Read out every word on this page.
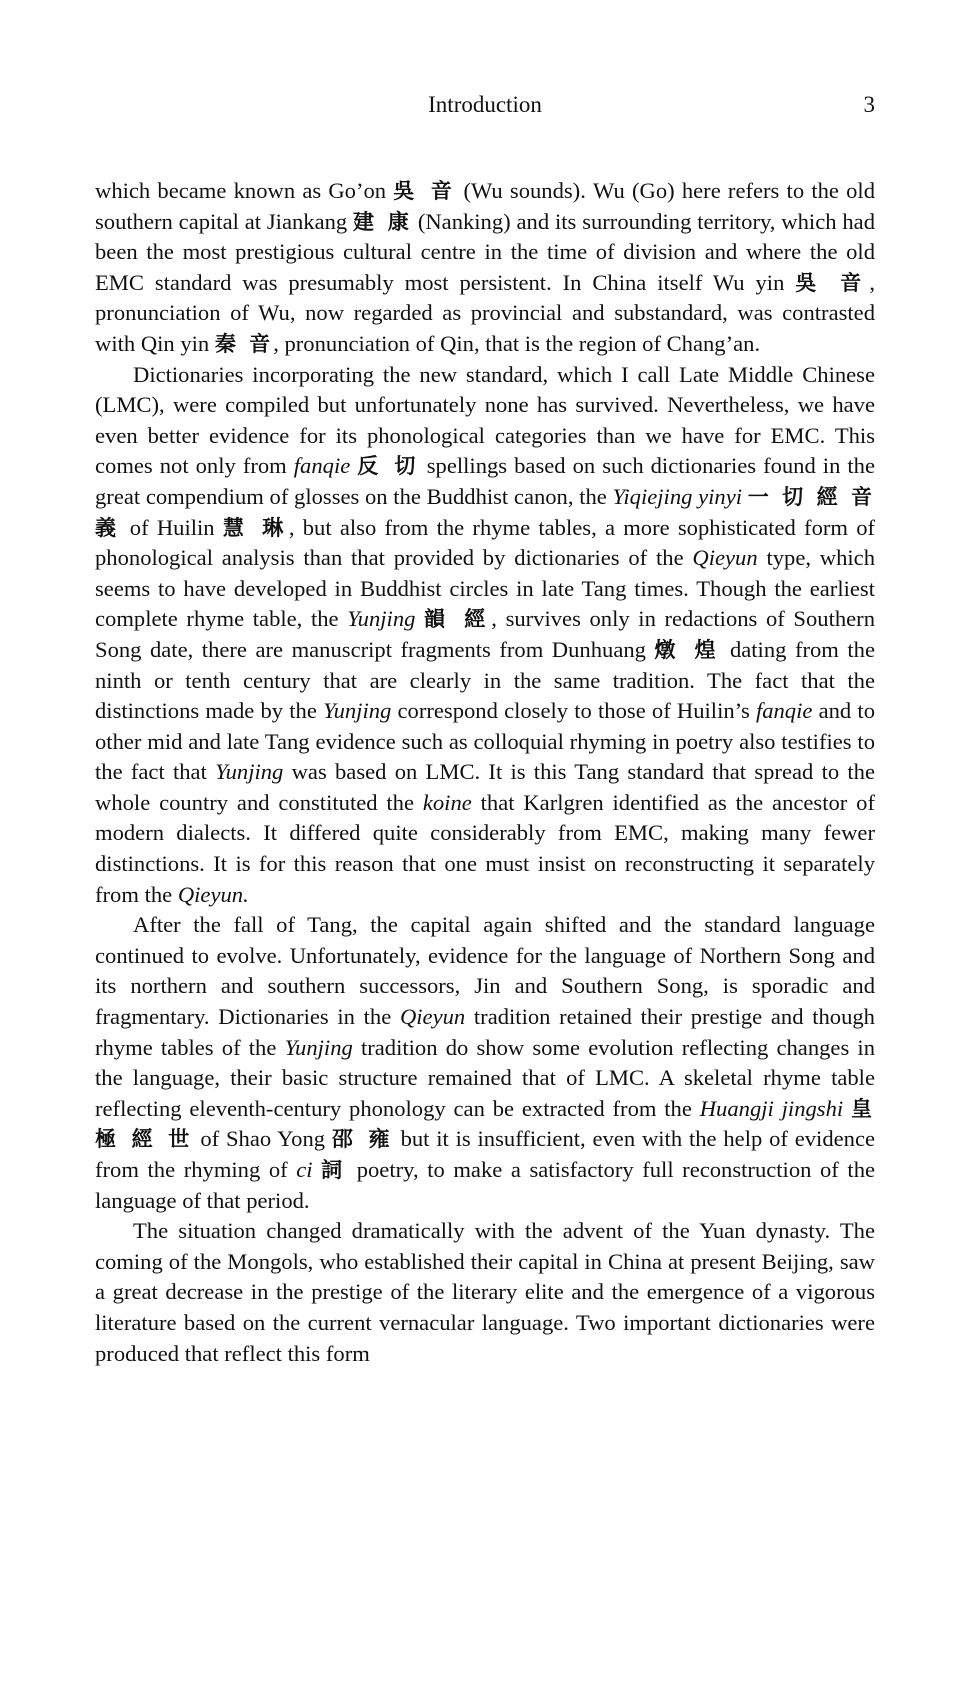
Introduction	3

which became known as Go’on 吳 音 (Wu sounds). Wu (Go) here refers to the old southern capital at Jiankang 建 康 (Nanking) and its surrounding territory, which had been the most prestigious cultural centre in the time of division and where the old EMC standard was presumably most persistent. In China itself Wu yin 吳 音, pronunciation of Wu, now regarded as provincial and substandard, was contrasted with Qin yin 秦 音, pronunciation of Qin, that is the region of Chang’an.

Dictionaries incorporating the new standard, which I call Late Middle Chinese (LMC), were compiled but unfortunately none has survived. Nevertheless, we have even better evidence for its phonological categories than we have for EMC. This comes not only from fanqie 反 切 spellings based on such dictionaries found in the great compendium of glosses on the Buddhist canon, the Yiqiejing yinyi 一 切 經 音 義 of Huilin 慧 琳, but also from the rhyme tables, a more sophisticated form of phonological analysis than that provided by dictionaries of the Qieyun type, which seems to have developed in Buddhist circles in late Tang times. Though the earliest complete rhyme table, the Yunjing 韻 經, survives only in redactions of Southern Song date, there are manuscript fragments from Dunhuang 燉 煌 dating from the ninth or tenth century that are clearly in the same tradition. The fact that the distinctions made by the Yunjing correspond closely to those of Huilin’s fanqie and to other mid and late Tang evidence such as colloquial rhyming in poetry also testifies to the fact that Yunjing was based on LMC. It is this Tang standard that spread to the whole country and constituted the koine that Karlgren identified as the ancestor of modern dialects. It differed quite considerably from EMC, making many fewer distinctions. It is for this reason that one must insist on reconstructing it separately from the Qieyun.

After the fall of Tang, the capital again shifted and the standard language continued to evolve. Unfortunately, evidence for the language of Northern Song and its northern and southern successors, Jin and Southern Song, is sporadic and fragmentary. Dictionaries in the Qieyun tradition retained their prestige and though rhyme tables of the Yunjing tradition do show some evolution reflecting changes in the language, their basic structure remained that of LMC. A skeletal rhyme table reflecting eleventh-century phonology can be extracted from the Huangji jingshi 皇 極 經 世 of Shao Yong 邵 雍 but it is insufficient, even with the help of evidence from the rhyming of ci 詞 poetry, to make a satisfactory full reconstruction of the language of that period.

The situation changed dramatically with the advent of the Yuan dynasty. The coming of the Mongols, who established their capital in China at present Beijing, saw a great decrease in the prestige of the literary elite and the emergence of a vigorous literature based on the current vernacular language. Two important dictionaries were produced that reflect this form
